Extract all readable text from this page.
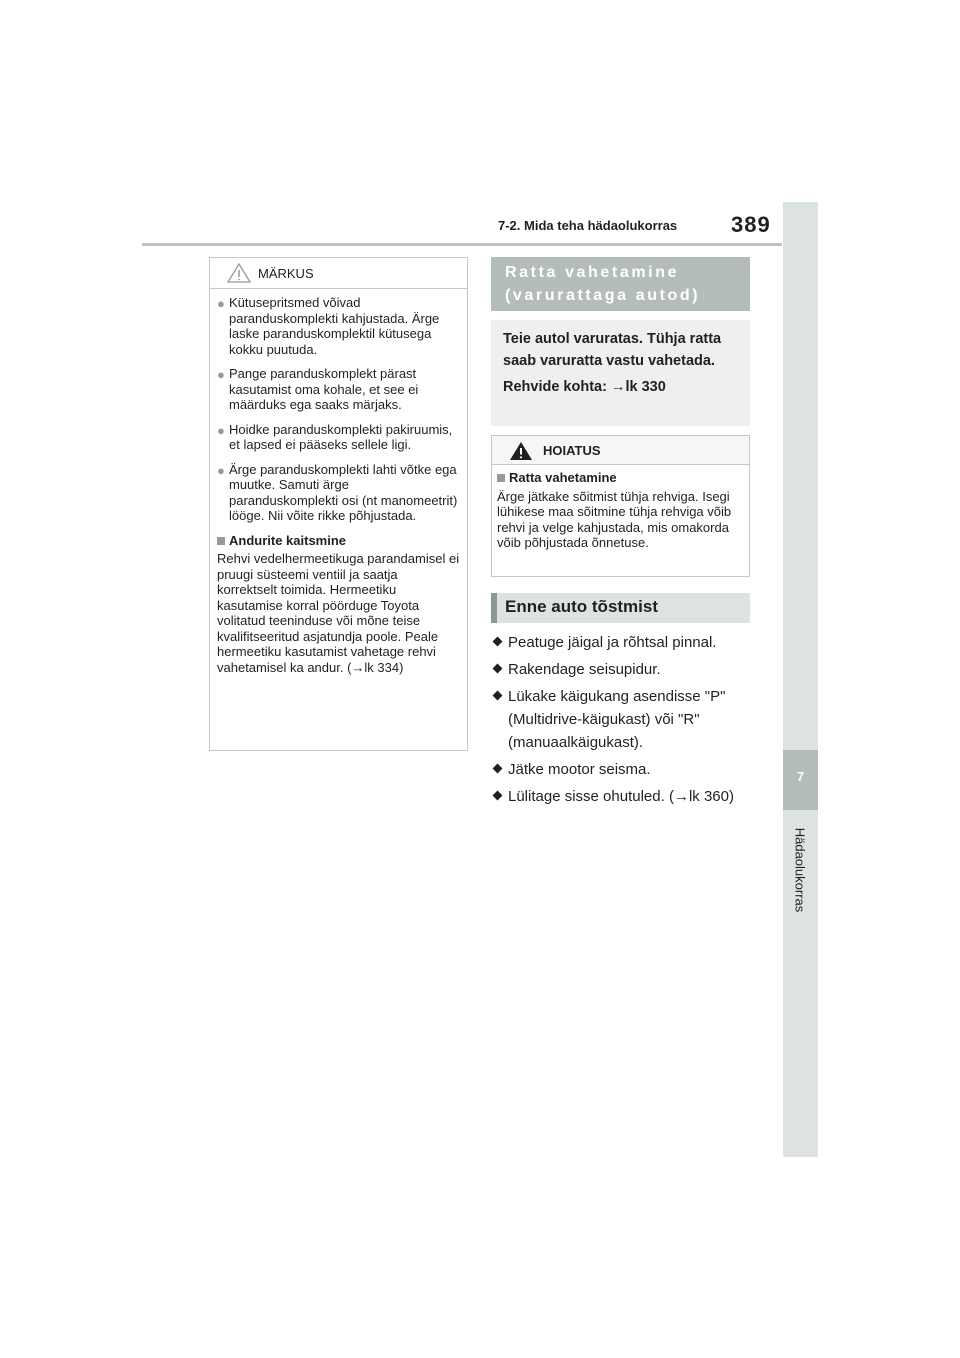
7-2. Mida teha hädaolukorras 389
7
Hädaolukorras
MÄRKUS
● Kütusepritsmed võivad paranduskomplekti kahjustada. Ärge laske paranduskomplektil kütusega kokku puutuda.
● Pange paranduskomplekt pärast kasutamist oma kohale, et see ei määrduks ega saaks märjaks.
● Hoidke paranduskomplekti pakiruumis, et lapsed ei pääseks sellele ligi.
● Ärge paranduskomplekti lahti võtke ega muutke. Samuti ärge paranduskomplekti osi (nt manomeetrit) lööge. Nii võite rikke põhjustada.
Andurite kaitsmine
Rehvi vedelhermeetikuga parandamisel ei pruugi süsteemi ventiil ja saatja korrektselt toimida. Hermeetiku kasutamise korral pöörduge Toyota volitatud teeninduse või mõne teise kvalifitseeritud asjatundja poole. Peale hermeetiku kasutamist vahetage rehvi vahetamisel ka andur. (→lk 334)
Ratta vahetamine
(varurattaga autod)
Teie autol varuratas. Tühja ratta saab varuratta vastu vahetada.
Rehvide kohta: →lk 330
HOIATUS
Ratta vahetamine
Ärge jätkake sõitmist tühja rehviga. Isegi lühikese maa sõitmine tühja rehviga võib rehvi ja velge kahjustada, mis omakorda võib põhjustada õnnetuse.
Enne auto tõstmist
Peatuge jäigal ja rõhtsal pinnal.
Rakendage seisupidur.
Lükake käigukang asendisse "P" (Multidrive-käigukast) või "R" (manuaalkäigukast).
Jätke mootor seisma.
Lülitage sisse ohutuled. (→lk 360)
